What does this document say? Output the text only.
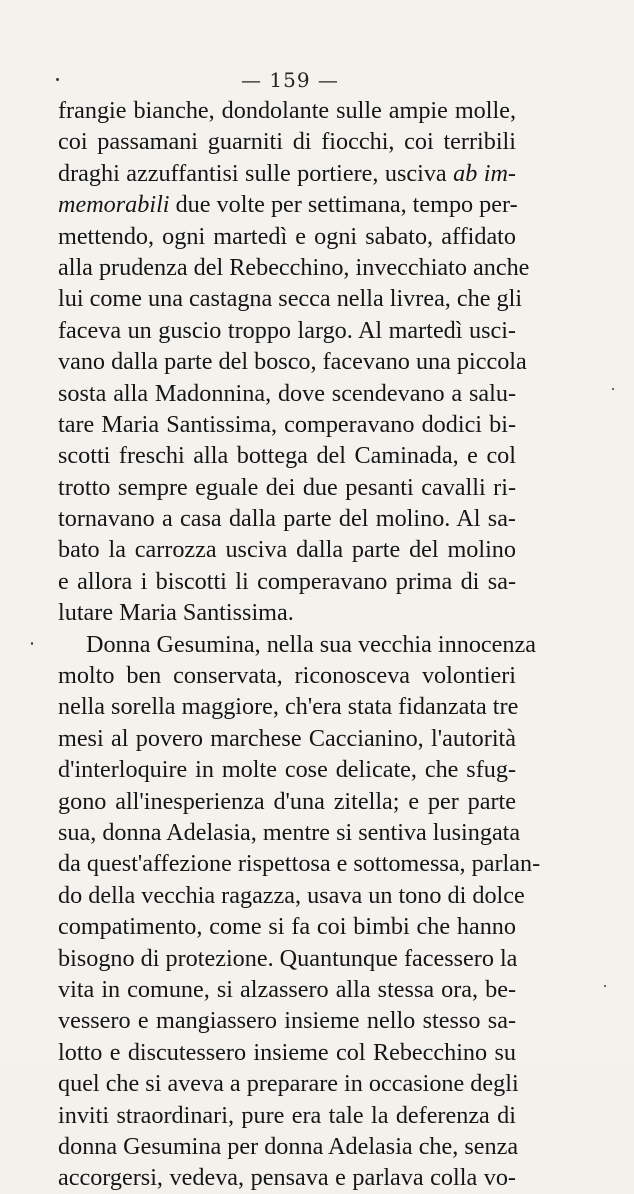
— 159 —
frangie bianche, dondolante sulle ampie molle,
coi passamani guarniti di fiocchi, coi terribili
draghi azzuffantisi sulle portiere, usciva ab im-
memorabili due volte per settimana, tempo per-
mettendo, ogni martedì e ogni sabato, affidato
alla prudenza del Rebecchino, invecchiato anche
lui come una castagna secca nella livrea, che gli
faceva un guscio troppo largo. Al martedì usci-
vano dalla parte del bosco, facevano una piccola
sosta alla Madonnina, dove scendevano a salu-
tare Maria Santissima, comperavano dodici bi-
scotti freschi alla bottega del Caminada, e col
trotto sempre eguale dei due pesanti cavalli ri-
tornavano a casa dalla parte del molino. Al sa-
bato la carrozza usciva dalla parte del molino
e allora i biscotti li comperavano prima di sa-
lutare Maria Santissima.
Donna Gesumina, nella sua vecchia innocenza
molto ben conservata, riconosceva volontieri
nella sorella maggiore, ch'era stata fidanzata tre
mesi al povero marchese Caccianino, l'autorità
d'interloquire in molte cose delicate, che sfug-
gono all'inesperienza d'una zitella; e per parte
sua, donna Adelasia, mentre si sentiva lusingata
da quest'affezione rispettosa e sottomessa, parlan-
do della vecchia ragazza, usava un tono di dolce
compatimento, come si fa coi bimbi che hanno
bisogno di protezione. Quantunque facessero la
vita in comune, si alzassero alla stessa ora, be-
vessero e mangiassero insieme nello stesso sa-
lotto e discutessero insieme col Rebecchino su
quel che si aveva a preparare in occasione degli
inviti straordinari, pure era tale la deferenza di
donna Gesumina per donna Adelasia che, senza
accorgersi, vedeva, pensava e parlava colla vo-
